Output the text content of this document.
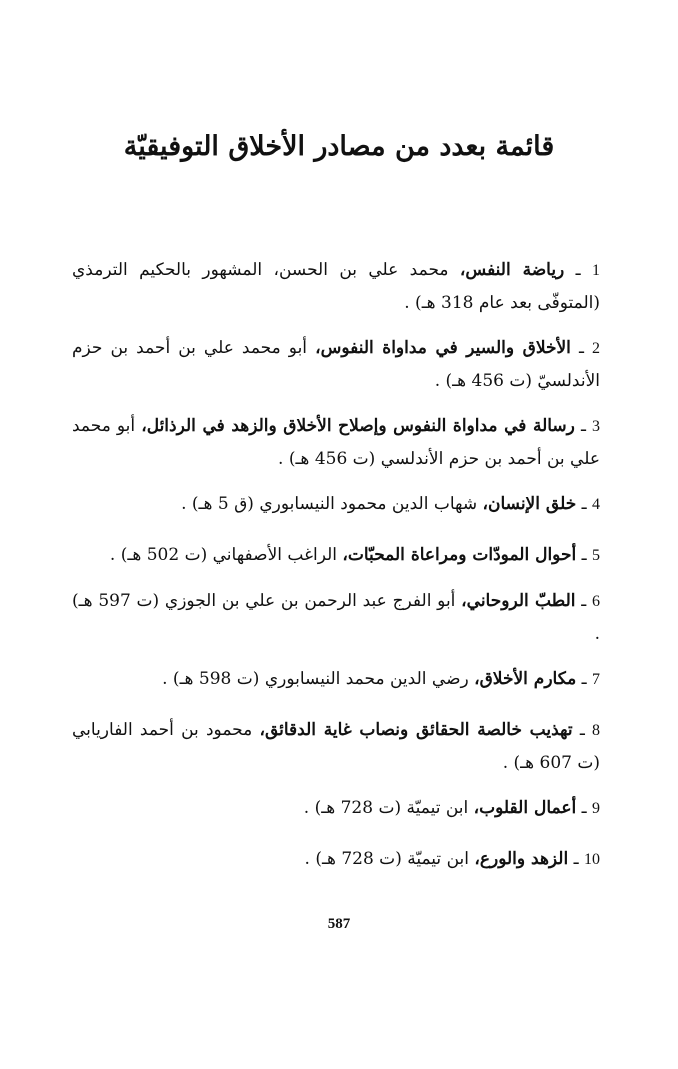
قائمة بعدد من مصادر الأخلاق التوفيقيّة
1 ـ رياضة النفس، محمد علي بن الحسن، المشهور بالحكيم الترمذي (المتوفّى بعد عام 318 هـ) .
2 ـ الأخلاق والسير في مداواة النفوس، أبو محمد علي بن أحمد بن حزم الأندلسيّ (ت 456 هـ) .
3 ـ رسالة في مداواة النفوس وإصلاح الأخلاق والزهد في الرذائل، أبو محمد علي بن أحمد بن حزم الأندلسي (ت 456 هـ) .
4 ـ خلق الإنسان، شهاب الدين محمود النيسابوري (ق 5 هـ) .
5 ـ أحوال المودّات ومراعاة المحبّات، الراغب الأصفهاني (ت 502 هـ) .
6 ـ الطبّ الروحاني، أبو الفرج عبد الرحمن بن علي بن الجوزي (ت 597 هـ) .
7 ـ مكارم الأخلاق، رضي الدين محمد النيسابوري (ت 598 هـ) .
8 ـ تهذيب خالصة الحقائق ونصاب غاية الدقائق، محمود بن أحمد الفاريابي (ت 607 هـ) .
9 ـ أعمال القلوب، ابن تيميّة (ت 728 هـ) .
10 ـ الزهد والورع، ابن تيميّة (ت 728 هـ) .

587
